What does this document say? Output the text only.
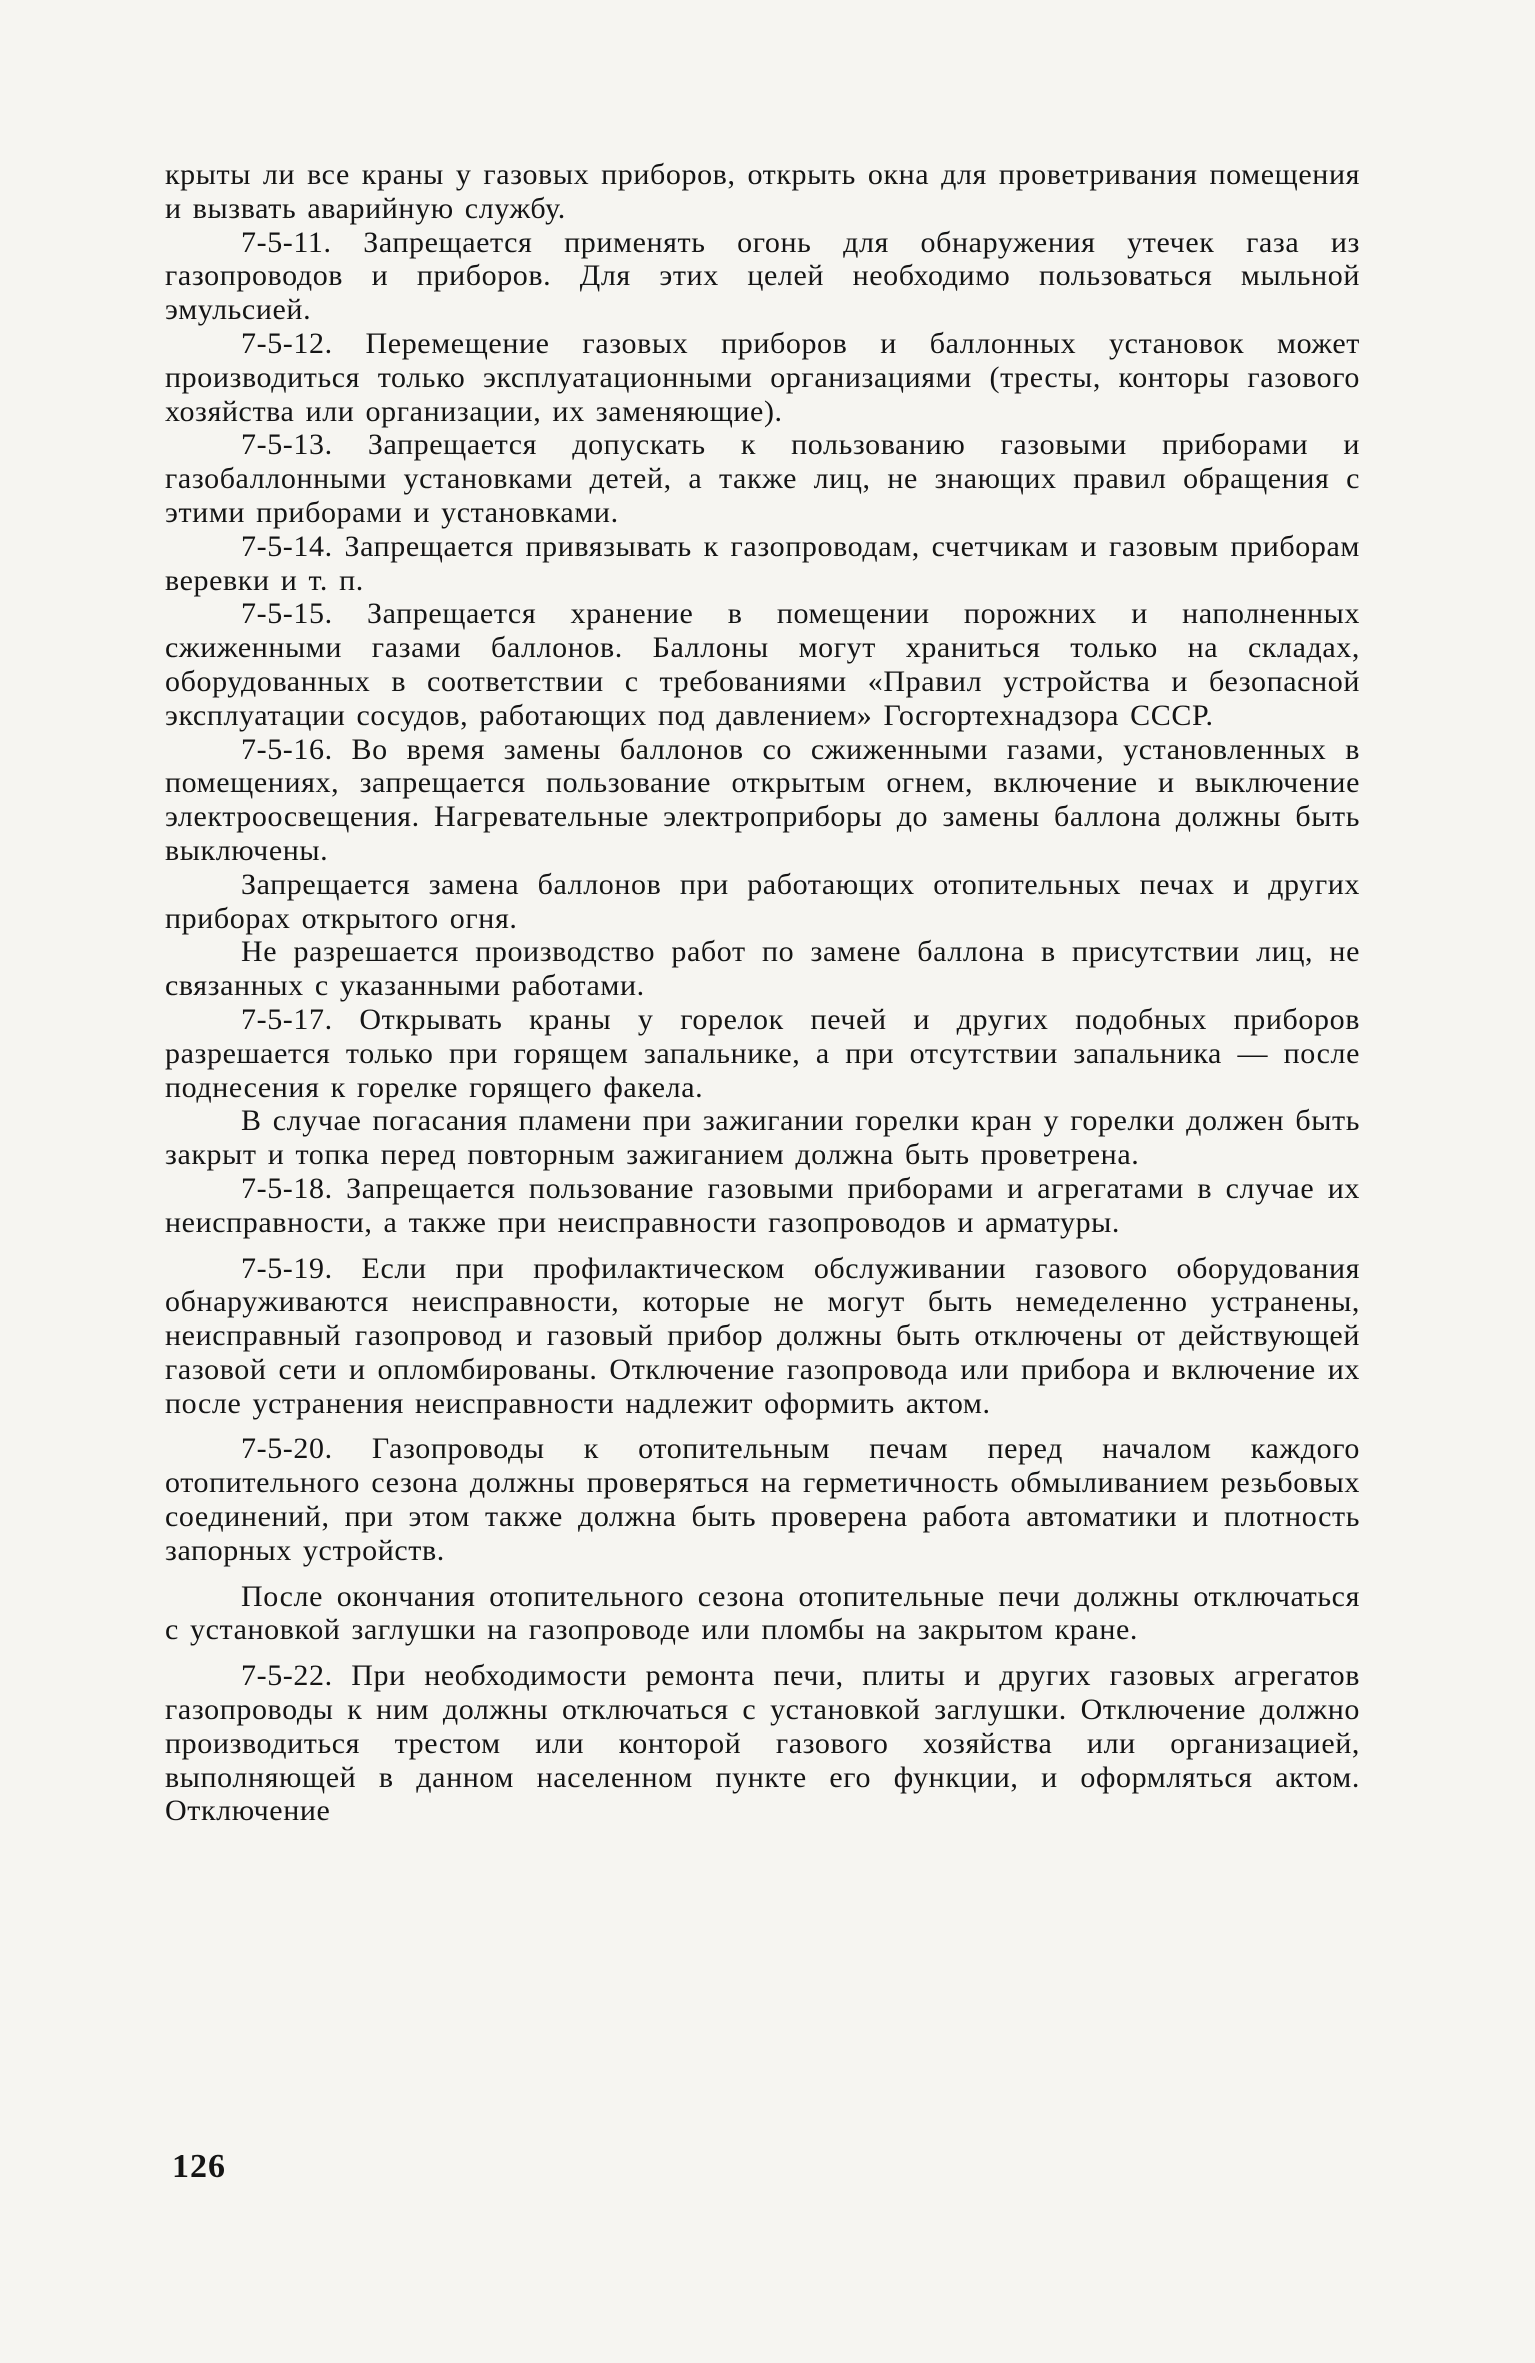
крыты ли все краны у газовых приборов, открыть окна для проветривания помещения и вызвать аварийную службу.

7-5-11. Запрещается применять огонь для обнаружения утечек газа из газопроводов и приборов. Для этих целей необходимо пользоваться мыльной эмульсией.

7-5-12. Перемещение газовых приборов и баллонных установок может производиться только эксплуатационными организациями (тресты, конторы газового хозяйства или организации, их заменяющие).

7-5-13. Запрещается допускать к пользованию газовыми приборами и газобаллонными установками детей, а также лиц, не знающих правил обращения с этими приборами и установками.

7-5-14. Запрещается привязывать к газопроводам, счетчикам и газовым приборам веревки и т. п.

7-5-15. Запрещается хранение в помещении порожних и наполненных сжиженными газами баллонов. Баллоны могут храниться только на складах, оборудованных в соответствии с требованиями «Правил устройства и безопасной эксплуатации сосудов, работающих под давлением» Госгортехнадзора СССР.

7-5-16. Во время замены баллонов со сжиженными газами, установленных в помещениях, запрещается пользование открытым огнем, включение и выключение электроосвещения. Нагревательные электроприборы до замены баллона должны быть выключены.

Запрещается замена баллонов при работающих отопительных печах и других приборах открытого огня.

Не разрешается производство работ по замене баллона в присутствии лиц, не связанных с указанными работами.

7-5-17. Открывать краны у горелок печей и других подобных приборов разрешается только при горящем запальнике, а при отсутствии запальника — после поднесения к горелке горящего факела.

В случае погасания пламени при зажигании горелки кран у горелки должен быть закрыт и топка перед повторным зажиганием должна быть проветрена.

7-5-18. Запрещается пользование газовыми приборами и агрегатами в случае их неисправности, а также при неисправности газопроводов и арматуры.

7-5-19. Если при профилактическом обслуживании газового оборудования обнаруживаются неисправности, которые не могут быть немеделенно устранены, неисправный газопровод и газовый прибор должны быть отключены от действующей газовой сети и опломбированы. Отключение газопровода или прибора и включение их после устранения неисправности надлежит оформить актом.

7-5-20. Газопроводы к отопительным печам перед началом каждого отопительного сезона должны проверяться на герметичность обмыливанием резьбовых соединений, при этом также должна быть проверена работа автоматики и плотность запорных устройств.

После окончания отопительного сезона отопительные печи должны отключаться с установкой заглушки на газопроводе или пломбы на закрытом кране.

7-5-22. При необходимости ремонта печи, плиты и других газовых агрегатов газопроводы к ним должны отключаться с установкой заглушки. Отключение должно производиться трестом или конторой газового хозяйства или организацией, выполняющей в данном населенном пункте его функции, и оформляться актом. Отключение

126
